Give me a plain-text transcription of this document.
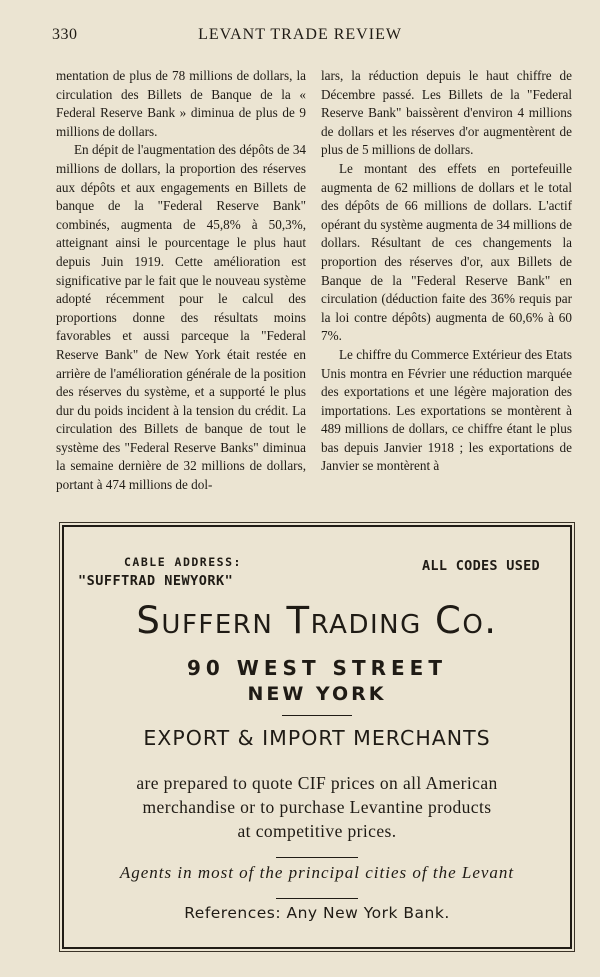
330	LEVANT TRADE REVIEW

mentation de plus de 78 millions de dollars, la circulation des Billets de Banque de la « Federal Reserve Bank » diminua de plus de 9 millions de dollars.

En dépit de l'augmentation des dépôts de 34 millions de dollars, la proportion des réserves aux dépôts et aux engagements en Billets de banque de la "Federal Reserve Bank" combinés, augmenta de 45,8% à 50,3%, atteignant ainsi le pourcentage le plus haut depuis Juin 1919. Cette amélioration est significative par le fait que le nouveau système adopté récemment pour le calcul des proportions donne des résultats moins favorables et aussi parceque la "Federal Reserve Bank" de New York était restée en arrière de l'amélioration générale de la position des réserves du système, et a supporté le plus dur du poids incident à la tension du crédit. La circulation des Billets de banque de tout le système des "Federal Reserve Banks" diminua la semaine dernière de 32 millions de dollars, portant à 474 millions de dol-

lars, la réduction depuis le haut chiffre de Décembre passé. Les Billets de la "Federal Reserve Bank" baissèrent d'environ 4 millions de dollars et les réserves d'or augmentèrent de plus de 5 millions de dollars.

Le montant des effets en portefeuille augmenta de 62 millions de dollars et le total des dépôts de 66 millions de dollars. L'actif opérant du système augmenta de 34 millions de dollars. Résultant de ces changements la proportion des réserves d'or, aux Billets de Banque de la "Federal Reserve Bank" en circulation (déduction faite des 36% requis par la loi contre dépôts) augmenta de 60,6% à 60 7%.

Le chiffre du Commerce Extérieur des Etats Unis montra en Février une réduction marquée des exportations et une légère majoration des importations. Les exportations se montèrent à 489 millions de dollars, ce chiffre étant le plus bas depuis Janvier 1918 ; les exportations de Janvier se montèrent à

CABLE ADDRESS:
"SUFFTRAD NEWYORK"
ALL CODES USED
Suffern Trading Co.
90 WEST STREET
NEW YORK
EXPORT & IMPORT MERCHANTS
are prepared to quote CIF prices on all American
merchandise or to purchase Levantine products
at competitive prices.
Agents in most of the principal cities of the Levant
References: Any New York Bank.
